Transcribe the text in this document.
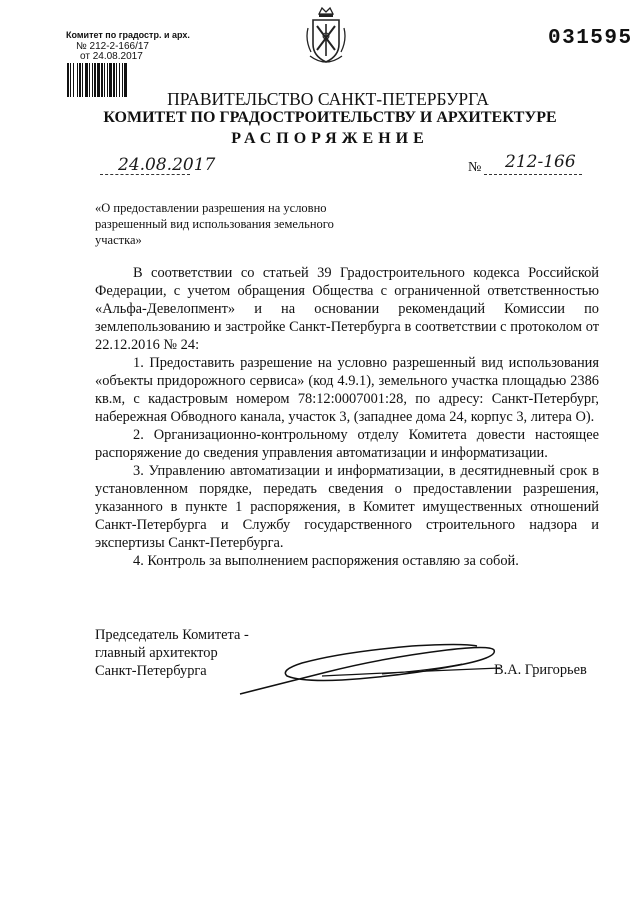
Комитет по градостр. и арх.
№ 212-2-166/17
от 24.08.2017
031595
ПРАВИТЕЛЬСТВО САНКТ-ПЕТЕРБУРГА
КОМИТЕТ ПО ГРАДОСТРОИТЕЛЬСТВУ И АРХИТЕКТУРЕ
РАСПОРЯЖЕНИЕ
24.08.2017	№ 212-166
«О предоставлении разрешения на условно разрешенный вид использования земельного участка»

В соответствии со статьей 39 Градостроительного кодекса Российской Федерации, с учетом обращения Общества с ограниченной ответственностью «Альфа-Девелопмент» и на основании рекомендаций Комиссии по землепользованию и застройке Санкт-Петербурга в соответствии с протоколом от 22.12.2016 № 24:

1. Предоставить разрешение на условно разрешенный вид использования «объекты придорожного сервиса» (код 4.9.1), земельного участка площадью 2386 кв.м, с кадастровым номером 78:12:0007001:28, по адресу: Санкт-Петербург, набережная Обводного канала, участок 3, (западнее дома 24, корпус 3, литера О).

2. Организационно-контрольному отделу Комитета довести настоящее распоряжение до сведения управления автоматизации и информатизации.

3. Управлению автоматизации и информатизации, в десятидневный срок в установленном порядке, передать сведения о предоставлении разрешения, указанного в пункте 1 распоряжения, в Комитет имущественных отношений Санкт-Петербурга и Службу государственного строительного надзора и экспертизы Санкт-Петербурга.

4. Контроль за выполнением распоряжения оставляю за собой.

Председатель Комитета -
главный архитектор
Санкт-Петербурга	В.А. Григорьев
